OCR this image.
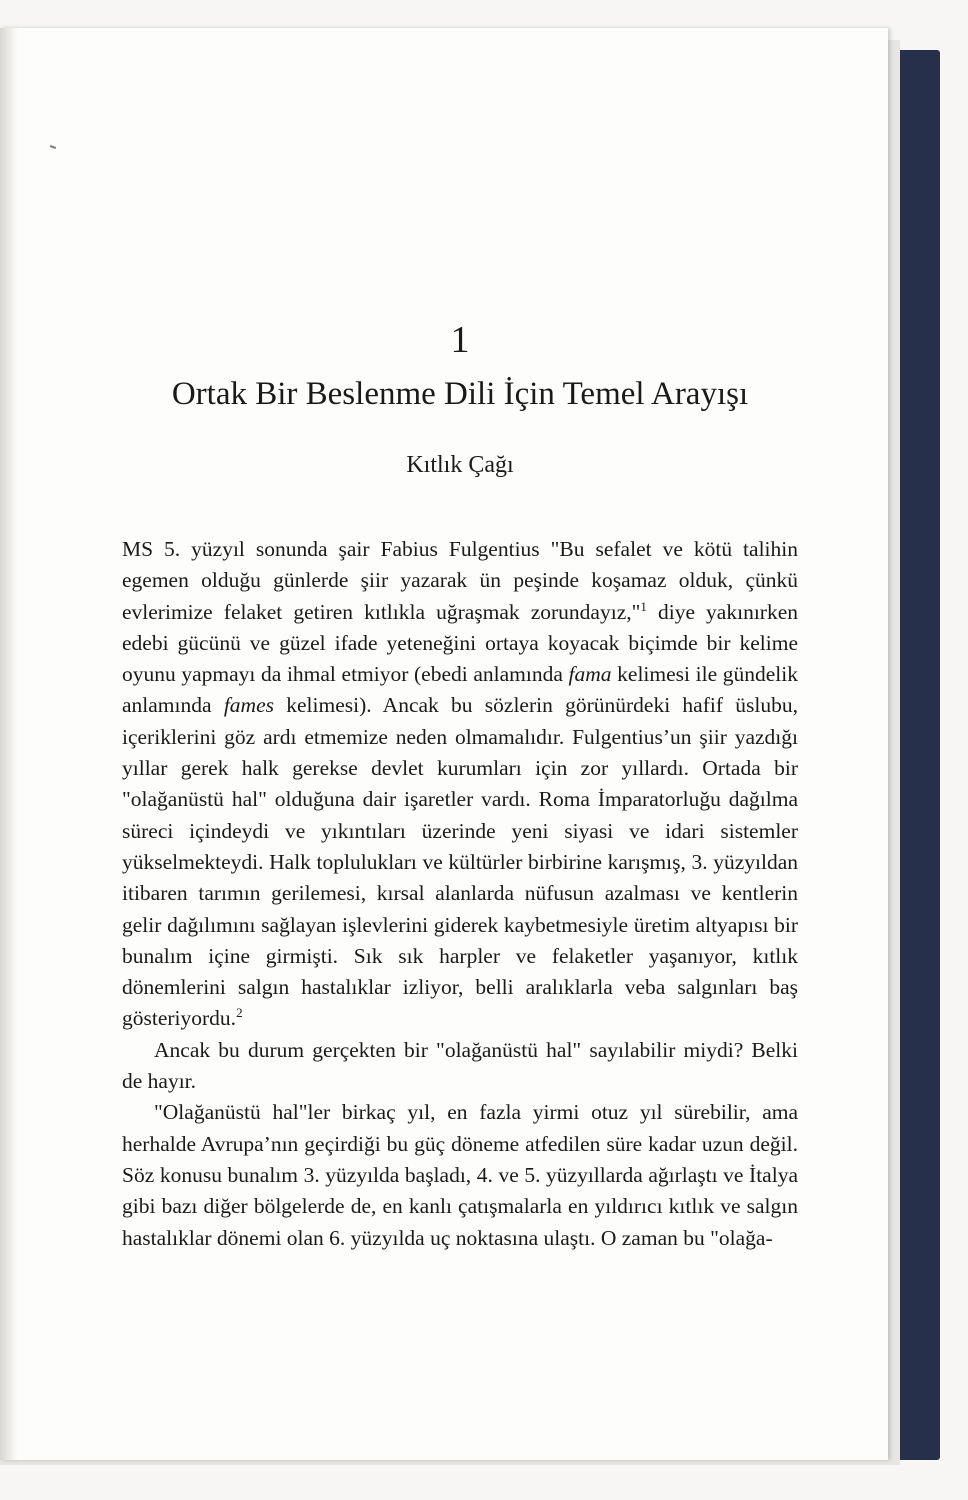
1
Ortak Bir Beslenme Dili İçin Temel Arayışı
Kıtlık Çağı

MS 5. yüzyıl sonunda şair Fabius Fulgentius "Bu sefalet ve kötü talihin egemen olduğu günlerde şiir yazarak ün peşinde koşamaz olduk, çünkü evlerimize felaket getiren kıtlıkla uğraşmak zorundayız,"$^1$ diye yakınırken edebi gücünü ve güzel ifade yeteneğini ortaya koyacak biçimde bir kelime oyunu yapmayı da ihmal etmiyor (ebedi anlamında fama kelimesi ile gündelik anlamında fames kelimesi). Ancak bu sözlerin görünürdeki hafif üslubu, içeriklerini göz ardı etmemize neden olmamalıdır. Fulgentius’un şiir yazdığı yıllar gerek halk gerekse devlet kurumları için zor yıllardı. Ortada bir "olağanüstü hal" olduğuna dair işaretler vardı. Roma İmparatorluğu dağılma süreci içindeydi ve yıkıntıları üzerinde yeni siyasi ve idari sistemler yükselmekteydi. Halk toplulukları ve kültürler birbirine karışmış, 3. yüzyıldan itibaren tarımın gerilemesi, kırsal alanlarda nüfusun azalması ve kentlerin gelir dağılımını sağlayan işlevlerini giderek kaybetmesiyle üretim altyapısı bir bunalım içine girmişti. Sık sık harpler ve felaketler yaşanıyor, kıtlık dönemlerini salgın hastalıklar izliyor, belli aralıklarla veba salgınları baş gösteriyordu.$^2$

Ancak bu durum gerçekten bir "olağanüstü hal" sayılabilir miydi? Belki de hayır.

"Olağanüstü hal"ler birkaç yıl, en fazla yirmi otuz yıl sürebilir, ama herhalde Avrupa’nın geçirdiği bu güç döneme atfedilen süre kadar uzun değil. Söz konusu bunalım 3. yüzyılda başladı, 4. ve 5. yüzyıllarda ağırlaştı ve İtalya gibi bazı diğer bölgelerde de, en kanlı çatışmalarla en yıldırıcı kıtlık ve salgın hastalıklar dönemi olan 6. yüzyılda uç noktasına ulaştı. O zaman bu "olağa-
